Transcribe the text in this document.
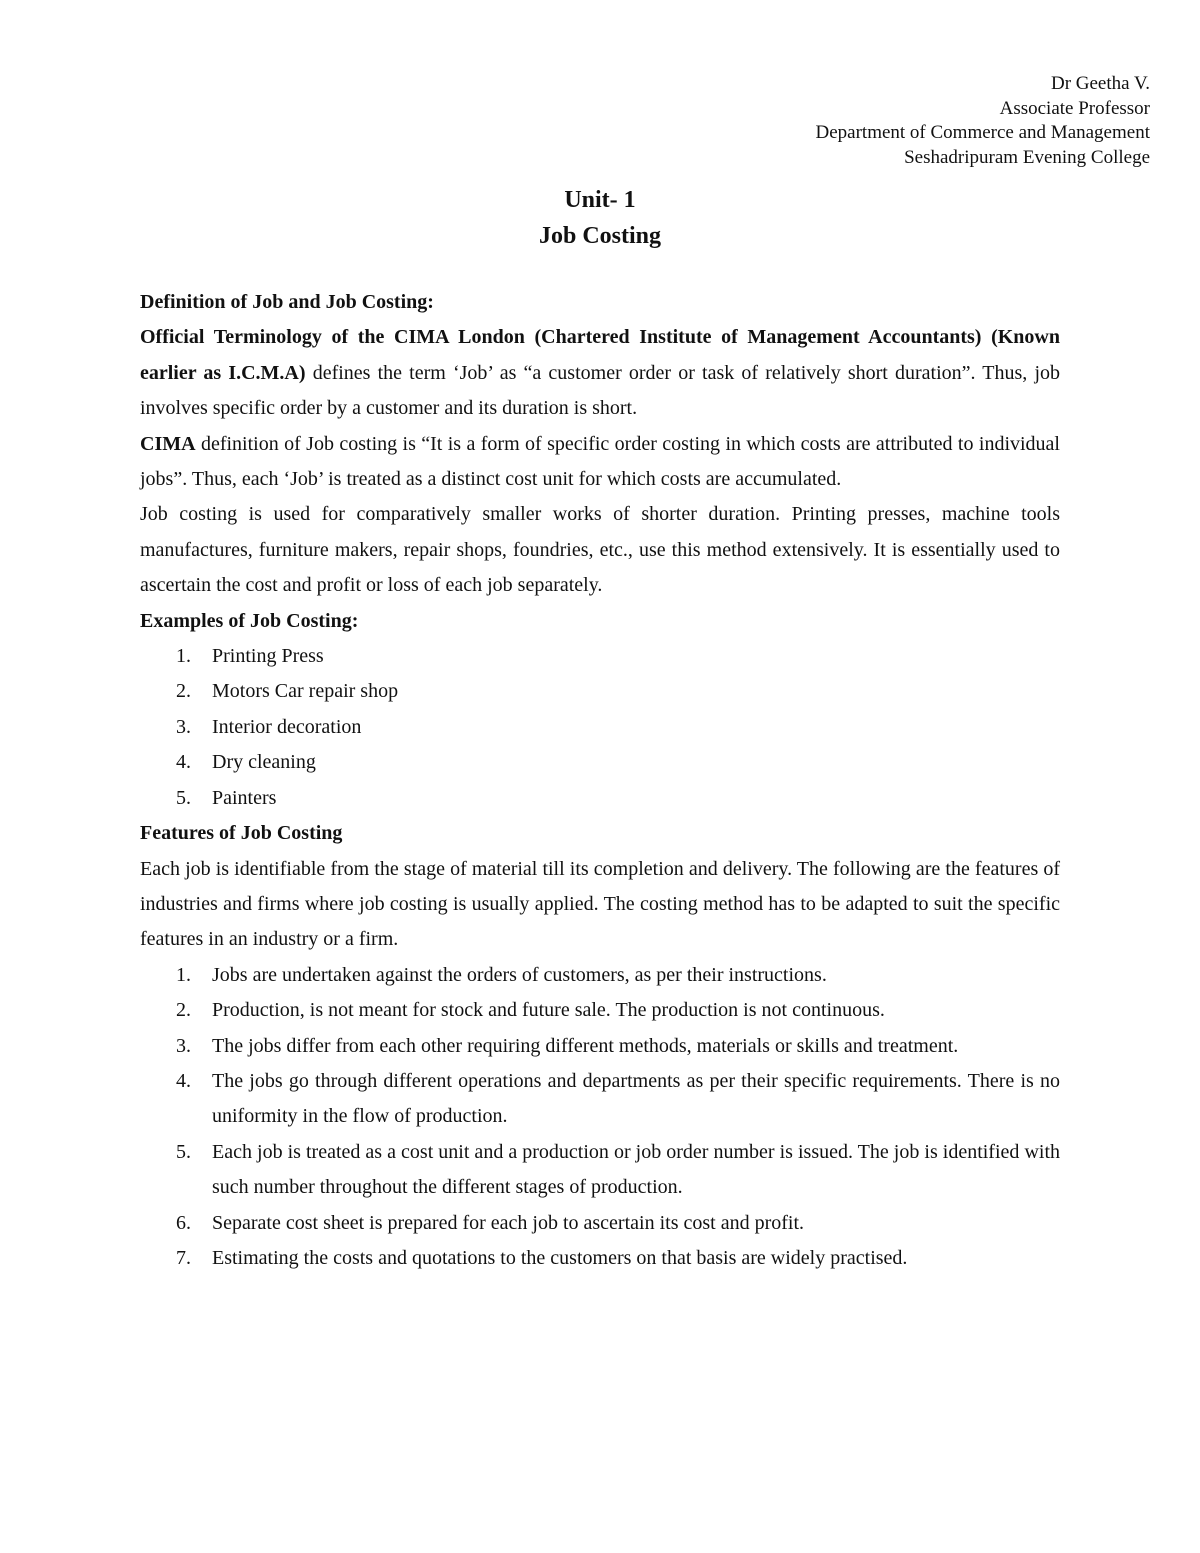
Dr Geetha V.
Associate Professor
Department of Commerce and Management
Seshadripuram Evening College
Unit- 1
Job Costing
Definition of Job and Job Costing:

Official Terminology of the CIMA London (Chartered Institute of Management Accountants) (Known earlier as I.C.M.A) defines the term ‘Job’ as “a customer order or task of relatively short duration”. Thus, job involves specific order by a customer and its duration is short.

CIMA definition of Job costing is “It is a form of specific order costing in which costs are attributed to individual jobs”. Thus, each ‘Job’ is treated as a distinct cost unit for which costs are accumulated.

Job costing is used for comparatively smaller works of shorter duration. Printing presses, machine tools manufactures, furniture makers, repair shops, foundries, etc., use this method extensively. It is essentially used to ascertain the cost and profit or loss of each job separately.

Examples of Job Costing:
1. Printing Press
2. Motors Car repair shop
3. Interior decoration
4. Dry cleaning
5. Painters
Features of Job Costing

Each job is identifiable from the stage of material till its completion and delivery. The following are the features of industries and firms where job costing is usually applied. The costing method has to be adapted to suit the specific features in an industry or a firm.

1. Jobs are undertaken against the orders of customers, as per their instructions.
2. Production, is not meant for stock and future sale. The production is not continuous.
3. The jobs differ from each other requiring different methods, materials or skills and treatment.
4. The jobs go through different operations and departments as per their specific requirements. There is no uniformity in the flow of production.
5. Each job is treated as a cost unit and a production or job order number is issued. The job is identified with such number throughout the different stages of production.
6. Separate cost sheet is prepared for each job to ascertain its cost and profit.
7. Estimating the costs and quotations to the customers on that basis are widely practised.
